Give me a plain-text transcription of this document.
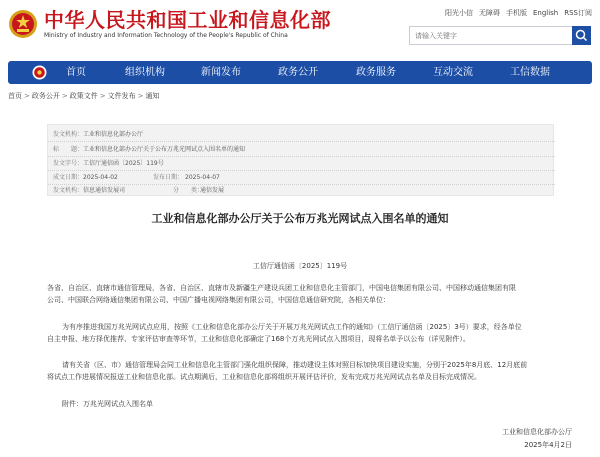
中华人民共和国工业和信息化部
Ministry of Industry and Information Technology of the People's Republic of China
阳光小信 无障碍 手机版 English RSS订阅
请输入关键字
首页	组织机构	新闻发布	政务公开	政务服务	互动交流	工信数据
首页 > 政务公开 > 政策文件 > 文件发布 > 通知
发文机构： 工业和信息化部办公厅
标　　题： 工业和信息化部办公厅关于公布万兆光网试点入围名单的通知
发文字号： 工信厅通信函〔2025〕119号
成文日期： 2025-04-02	发布日期： 2025-04-07
发文机构： 信息通信发展司	分　　类：
通信发展
工业和信息化部办公厅关于公布万兆光网试点入围名单的通知
工信厅通信函〔2025〕119号
各省、自治区、直辖市通信管理局，各省、自治区、直辖市及新疆生产建设兵团工业和信息化主管部门，中国电信集团有限公司、中国移动通信集团有限
公司、中国联合网络通信集团有限公司、中国广播电视网络集团有限公司，中国信息通信研究院，各相关单位：
为有序推进我国万兆光网试点应用，按照《工业和信息化部办公厅关于开展万兆光网试点工作的通知》（工信厅通信函〔2025〕3号）要求，经各单位
自主申报、地方择优推荐、专家评估审查等环节，工业和信息化部确定了168个万兆光网试点入围项目，现将名单予以公布（详见附件）。
请有关省（区、市）通信管理局会同工业和信息化主管部门强化组织保障，推动建设主体对照目标加快项目建设实施，分别于2025年8月底、12月底前
将试点工作进展情况报送工业和信息化部。试点期满后，工业和信息化部将组织开展评估评价，发布完成万兆光网试点名单及目标完成情况。
附件：万兆光网试点入围名单
工业和信息化部办公厅
2025年4月2日
